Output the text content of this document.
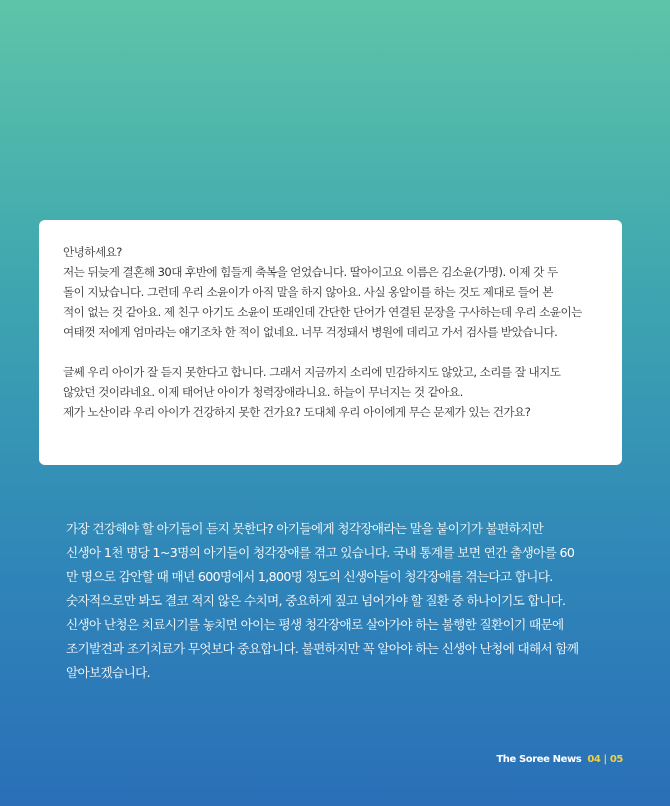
안녕하세요?

저는 뒤늦게 결혼해 30대 후반에 힘들게 축복을 얻었습니다. 딸아이고요 이름은 김소윤(가명). 이제 갓 두

돌이 지났습니다. 그런데 우리 소윤이가 아직 말을 하지 않아요. 사실 옹알이를 하는 것도 제대로 들어 본

적이 없는 것 같아요. 제 친구 아기도 소윤이 또래인데 간단한 단어가 연결된 문장을 구사하는데 우리 소윤이는

여태껏 저에게 엄마라는 얘기조차 한 적이 없네요. 너무 걱정돼서 병원에 데리고 가서 검사를 받았습니다.

글쎄 우리 아이가 잘 듣지 못한다고 합니다. 그래서 지금까지 소리에 민감하지도 않았고, 소리를 잘 내지도

않았던 것이라네요. 이제 태어난 아이가 청력장애라니요. 하늘이 무너지는 것 같아요.

제가 노산이라 우리 아이가 건강하지 못한 건가요? 도대체 우리 아이에게 무슨 문제가 있는 건가요?

가장 건강해야 할 아기들이 듣지 못한다? 아기들에게 청각장애라는 말을 붙이기가 불편하지만

신생아 1천 명당 1~3명의 아기들이 청각장애를 겪고 있습니다. 국내 통계를 보면 연간 출생아를 60

만 명으로 감안할 때 매년 600명에서 1,800명 정도의 신생아들이 청각장애를 겪는다고 합니다.

숫자적으로만 봐도 결코 적지 않은 수치며, 중요하게 짚고 넘어가야 할 질환 중 하나이기도 합니다.

신생아 난청은 치료시기를 놓치면 아이는 평생 청각장애로 살아가야 하는 불행한 질환이기 때문에

조기발견과 조기치료가 무엇보다 중요합니다. 불편하지만 꼭 알아야 하는 신생아 난청에 대해서 함께

알아보겠습니다.

The Soree News 04 | 05
